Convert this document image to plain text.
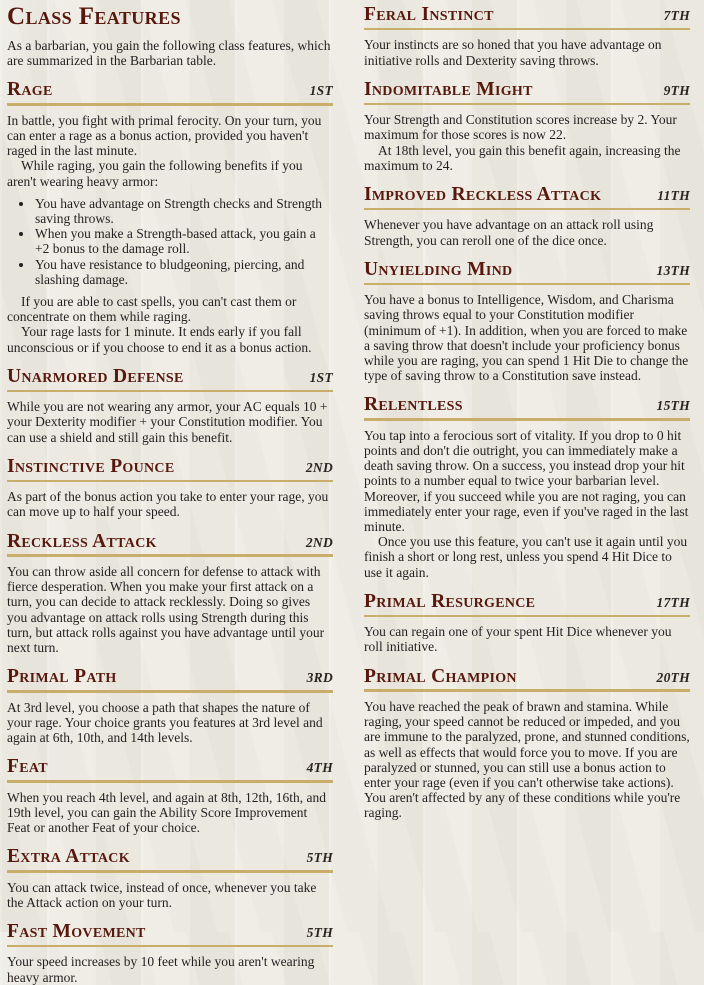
Class Features

As a barbarian, you gain the following class features, which are summarized in the Barbarian table.

Rage	1ST

In battle, you fight with primal ferocity. On your turn, you can enter a rage as a bonus action, provided you haven't raged in the last minute.

While raging, you gain the following benefits if you aren't wearing heavy armor:

• You have advantage on Strength checks and Strength saving throws.
• When you make a Strength-based attack, you gain a +2 bonus to the damage roll.
• You have resistance to bludgeoning, piercing, and slashing damage.

If you are able to cast spells, you can't cast them or concentrate on them while raging.

Your rage lasts for 1 minute. It ends early if you fall unconscious or if you choose to end it as a bonus action.

Unarmored Defense	1ST

While you are not wearing any armor, your AC equals 10 + your Dexterity modifier + your Constitution modifier. You can use a shield and still gain this benefit.

Instinctive Pounce	2ND

As part of the bonus action you take to enter your rage, you can move up to half your speed.

Reckless Attack	2ND

You can throw aside all concern for defense to attack with fierce desperation. When you make your first attack on a turn, you can decide to attack recklessly. Doing so gives you advantage on attack rolls using Strength during this turn, but attack rolls against you have advantage until your next turn.

Primal Path	3RD

At 3rd level, you choose a path that shapes the nature of your rage. Your choice grants you features at 3rd level and again at 6th, 10th, and 14th levels.

Feat	4TH

When you reach 4th level, and again at 8th, 12th, 16th, and 19th level, you can gain the Ability Score Improvement Feat or another Feat of your choice.

Extra Attack	5TH

You can attack twice, instead of once, whenever you take the Attack action on your turn.

Fast Movement	5TH

Your speed increases by 10 feet while you aren't wearing heavy armor.

Feral Instinct	7TH

Your instincts are so honed that you have advantage on initiative rolls and Dexterity saving throws.

Indomitable Might	9TH

Your Strength and Constitution scores increase by 2. Your maximum for those scores is now 22.

At 18th level, you gain this benefit again, increasing the maximum to 24.

Improved Reckless Attack	11TH

Whenever you have advantage on an attack roll using Strength, you can reroll one of the dice once.

Unyielding Mind	13TH

You have a bonus to Intelligence, Wisdom, and Charisma saving throws equal to your Constitution modifier (minimum of +1). In addition, when you are forced to make a saving throw that doesn't include your proficiency bonus while you are raging, you can spend 1 Hit Die to change the type of saving throw to a Constitution save instead.

Relentless	15TH

You tap into a ferocious sort of vitality. If you drop to 0 hit points and don't die outright, you can immediately make a death saving throw. On a success, you instead drop your hit points to a number equal to twice your barbarian level. Moreover, if you succeed while you are not raging, you can immediately enter your rage, even if you've raged in the last minute.

Once you use this feature, you can't use it again until you finish a short or long rest, unless you spend 4 Hit Dice to use it again.

Primal Resurgence	17TH

You can regain one of your spent Hit Dice whenever you roll initiative.

Primal Champion	20TH

You have reached the peak of brawn and stamina. While raging, your speed cannot be reduced or impeded, and you are immune to the paralyzed, prone, and stunned conditions, as well as effects that would force you to move. If you are paralyzed or stunned, you can still use a bonus action to enter your rage (even if you can't otherwise take actions). You aren't affected by any of these conditions while you're raging.
